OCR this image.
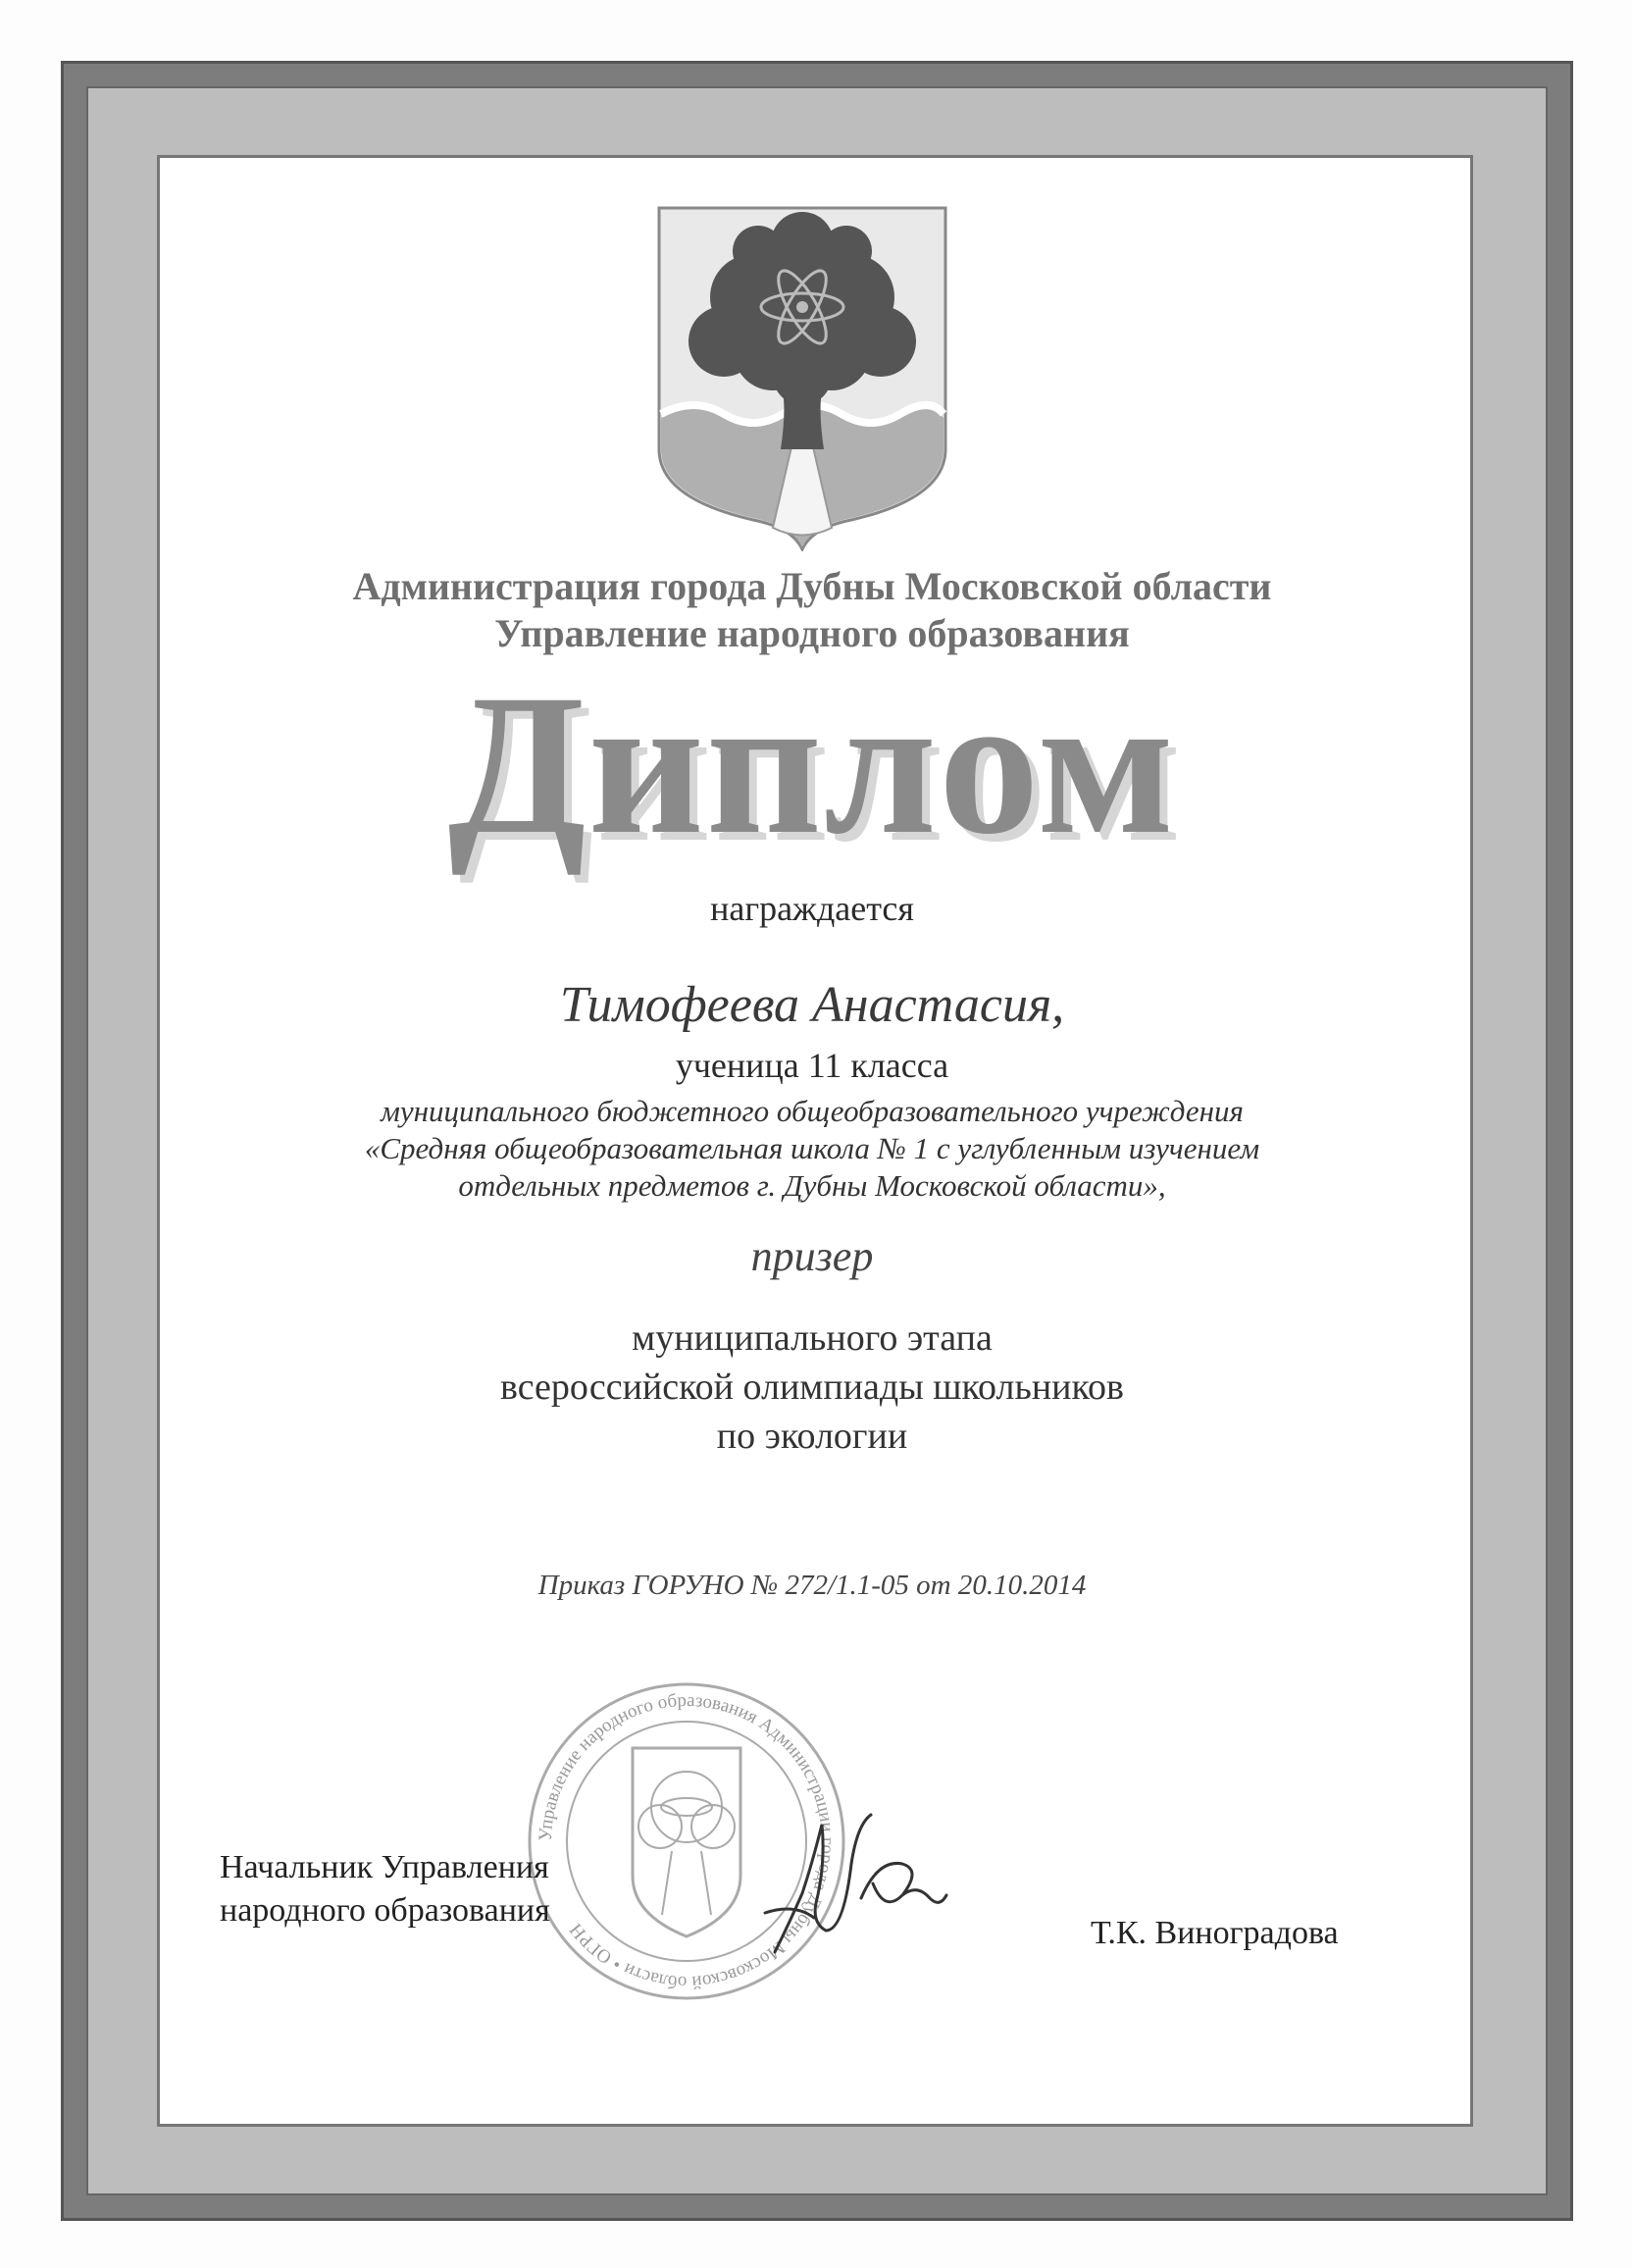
Администрация города Дубны Московской области
Управление народного образования
Диплом
награждается
Тимофеева Анастасия,
ученица 11 класса
муниципального бюджетного общеобразовательного учреждения
«Средняя общеобразовательная школа № 1 с углубленным изучением
отдельных предметов г. Дубны Московской области»,
призер
муниципального этапа
всероссийской олимпиады школьников
по экологии
Приказ ГОРУНО № 272/1.1-05 от 20.10.2014
Управление народного образования Администрации города Дубны Московской области • ОГРН
Начальник Управления
народного образования
Т.К. Виноградова
